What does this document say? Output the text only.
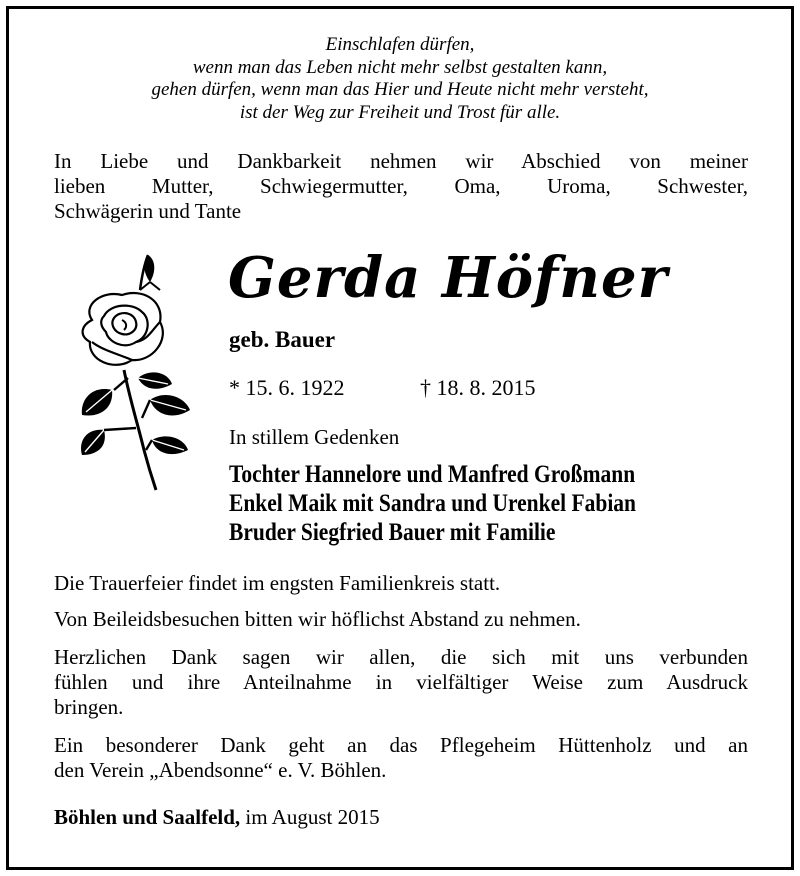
Einschlafen dürfen,
wenn man das Leben nicht mehr selbst gestalten kann,
gehen dürfen, wenn man das Hier und Heute nicht mehr versteht,
ist der Weg zur Freiheit und Trost für alle.
In Liebe und Dankbarkeit nehmen wir Abschied von meiner
lieben Mutter, Schwiegermutter, Oma, Uroma, Schwester,
Schwägerin und Tante
Gerda Höfner
geb. Bauer
* 15. 6. 1922	† 18. 8. 2015
In stillem Gedenken
Tochter Hannelore und Manfred Großmann
Enkel Maik mit Sandra und Urenkel Fabian
Bruder Siegfried Bauer mit Familie
Die Trauerfeier findet im engsten Familienkreis statt.
Von Beileidsbesuchen bitten wir höflichst Abstand zu nehmen.
Herzlichen Dank sagen wir allen, die sich mit uns verbunden
fühlen und ihre Anteilnahme in vielfältiger Weise zum Ausdruck
bringen.
Ein besonderer Dank geht an das Pflegeheim Hüttenholz und an
den Verein „Abendsonne“ e. V. Böhlen.
Böhlen und Saalfeld, im August 2015
